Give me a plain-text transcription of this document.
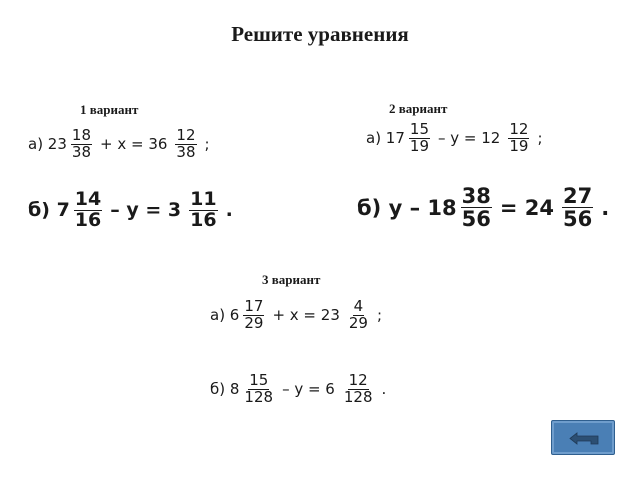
Решите уравнения
1 вариант
а) $23 \frac{18}{38} + x = 36 \frac{12}{38}$ ;
б) $7 \frac{14}{16} - y = 3 \frac{11}{16}$ .
2 вариант
а) $17 \frac{15}{19} - y = 12 \frac{12}{19}$ ;
б) $y - 18 \frac{38}{56} = 24 \frac{27}{56}$ .
3 вариант
а) $6 \frac{17}{29} + x = 23 \frac{4}{29}$ ;
б) $8 \frac{15}{128} - y = 6 \frac{12}{128}$ .
